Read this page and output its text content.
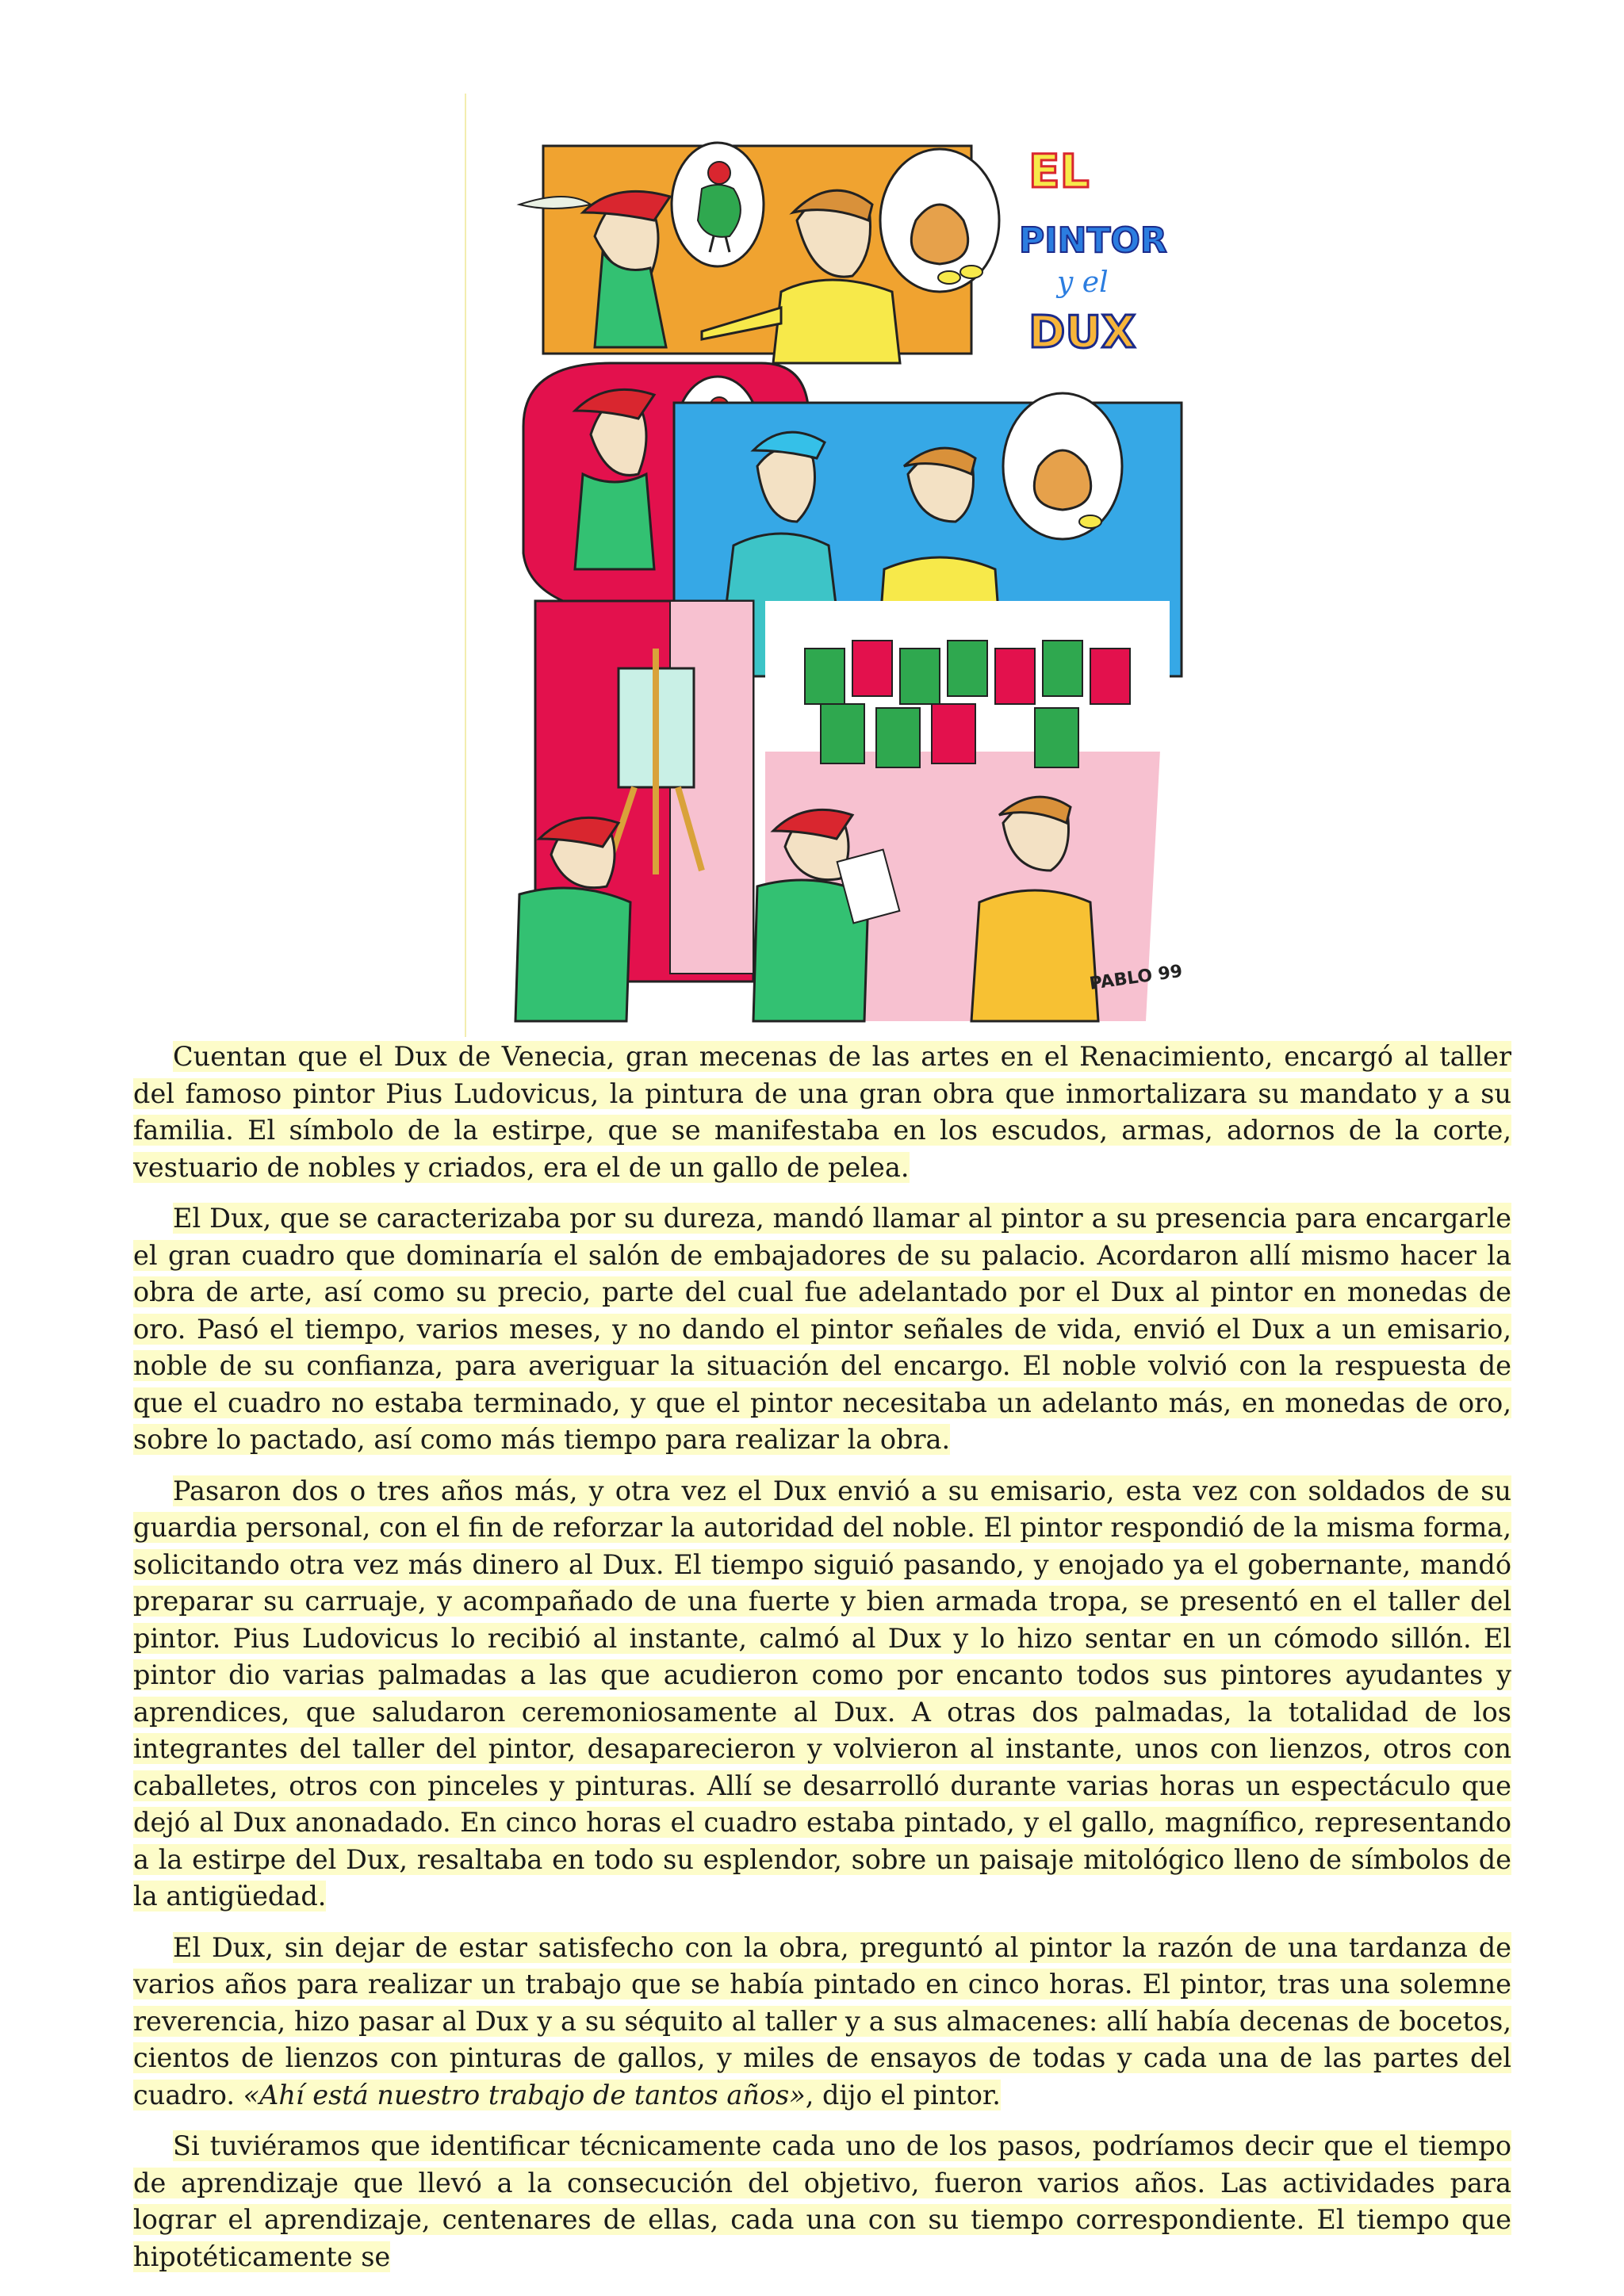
EL
PINTOR
y el
DUX
PABLO 99

Cuentan que el Dux de Venecia, gran mecenas de las artes en el Renacimiento, encargó al taller del famoso pintor Pius Ludovicus, la pintura de una gran obra que inmortalizara su mandato y a su familia. El símbolo de la estirpe, que se manifestaba en los escudos, armas, adornos de la corte, vestuario de nobles y criados, era el de un gallo de pelea.

El Dux, que se caracterizaba por su dureza, mandó llamar al pintor a su presencia para encargarle el gran cuadro que dominaría el salón de embajadores de su palacio. Acordaron allí mismo hacer la obra de arte, así como su precio, parte del cual fue adelantado por el Dux al pintor en monedas de oro. Pasó el tiempo, varios meses, y no dando el pintor señales de vida, envió el Dux a un emisario, noble de su confianza, para averiguar la situación del encargo. El noble volvió con la respuesta de que el cuadro no estaba terminado, y que el pintor necesitaba un adelanto más, en monedas de oro, sobre lo pactado, así como más tiempo para realizar la obra.

Pasaron dos o tres años más, y otra vez el Dux envió a su emisario, esta vez con soldados de su guardia personal, con el fin de reforzar la autoridad del noble. El pintor respondió de la misma forma, solicitando otra vez más dinero al Dux. El tiempo siguió pasando, y enojado ya el gobernante, mandó preparar su carruaje, y acompañado de una fuerte y bien armada tropa, se presentó en el taller del pintor. Pius Ludovicus lo recibió al instante, calmó al Dux y lo hizo sentar en un cómodo sillón. El pintor dio varias palmadas a las que acudieron como por encanto todos sus pintores ayudantes y aprendices, que saludaron ceremoniosamente al Dux. A otras dos palmadas, la totalidad de los integrantes del taller del pintor, desaparecieron y volvieron al instante, unos con lienzos, otros con caballetes, otros con pinceles y pinturas. Allí se desarrolló durante varias horas un espectáculo que dejó al Dux anonadado. En cinco horas el cuadro estaba pintado, y el gallo, magnífico, representando a la estirpe del Dux, resaltaba en todo su esplendor, sobre un paisaje mitológico lleno de símbolos de la antigüedad.

El Dux, sin dejar de estar satisfecho con la obra, preguntó al pintor la razón de una tardanza de varios años para realizar un trabajo que se había pintado en cinco horas. El pintor, tras una solemne reverencia, hizo pasar al Dux y a su séquito al taller y a sus almacenes: allí había decenas de bocetos, cientos de lienzos con pinturas de gallos, y miles de ensayos de todas y cada una de las partes del cuadro. «Ahí está nuestro trabajo de tantos años», dijo el pintor.

Si tuviéramos que identificar técnicamente cada uno de los pasos, podríamos decir que el tiempo de aprendizaje que llevó a la consecución del objetivo, fueron varios años. Las actividades para lograr el aprendizaje, centenares de ellas, cada una con su tiempo correspondiente. El tiempo que hipotéticamente se
